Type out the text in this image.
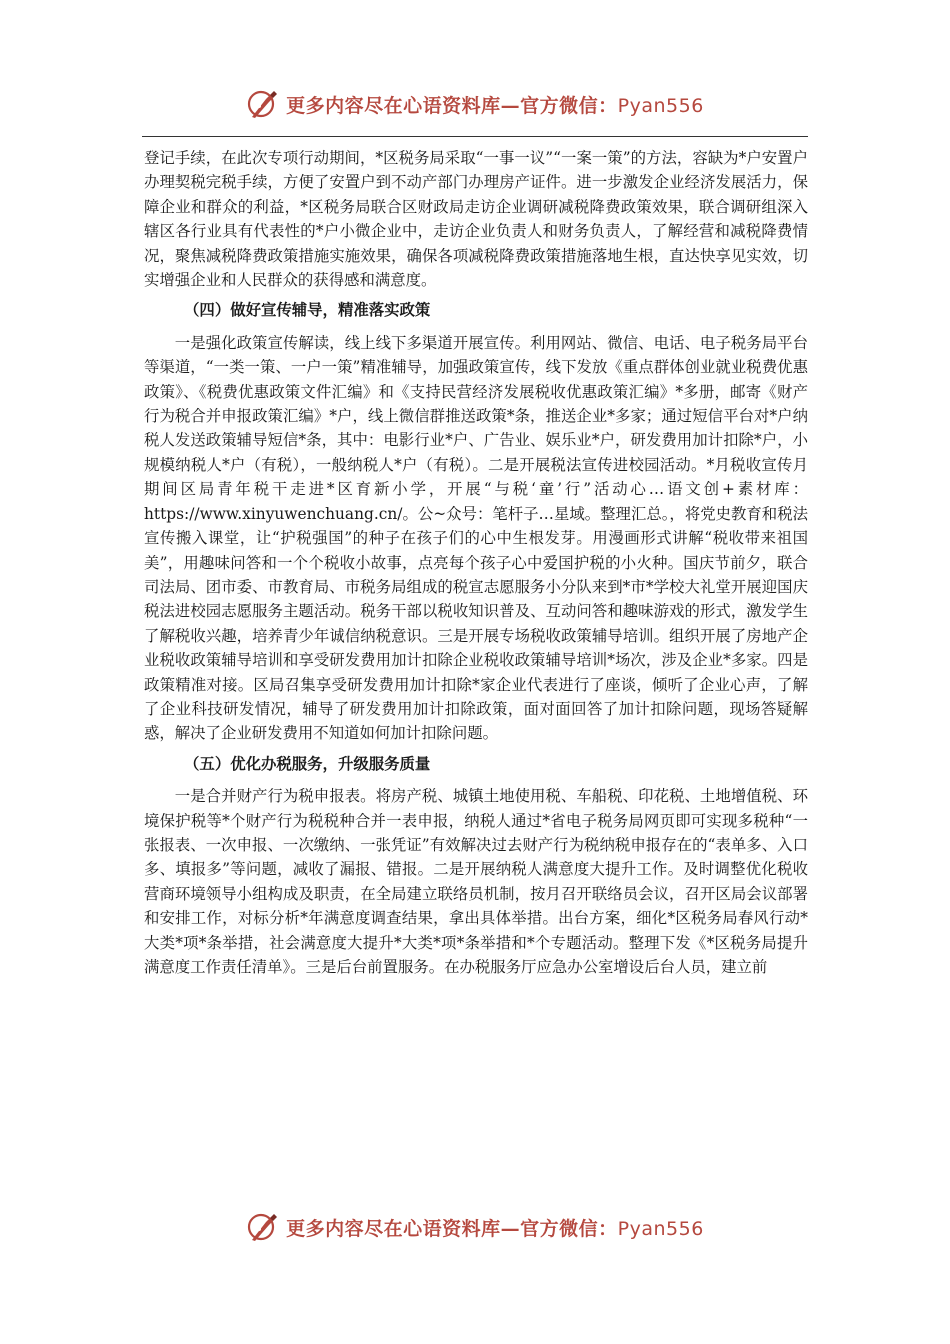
更多内容尽在心语资料库—官方微信：Pyan556

登记手续，在此次专项行动期间，*区税务局采取“一事一议”“一案一策”的方法，容缺为*户安置户办理契税完税手续，方便了安置户到不动产部门办理房产证件。进一步激发企业经济发展活力，保障企业和群众的利益，*区税务局联合区财政局走访企业调研减税降费政策效果，联合调研组深入辖区各行业具有代表性的*户小微企业中，走访企业负责人和财务负责人，了解经营和减税降费情况，聚焦减税降费政策措施实施效果，确保各项减税降费政策措施落地生根，直达快享见实效，切实增强企业和人民群众的获得感和满意度。

（四）做好宣传辅导，精准落实政策

一是强化政策宣传解读，线上线下多渠道开展宣传。利用网站、微信、电话、电子税务局平台等渠道，“一类一策、一户一策”精准辅导，加强政策宣传，线下发放《重点群体创业就业税费优惠政策》、《税费优惠政策文件汇编》和《支持民营经济发展税收优惠政策汇编》*多册，邮寄《财产行为税合并申报政策汇编》*户，线上微信群推送政策*条，推送企业*多家；通过短信平台对*户纳税人发送政策辅导短信*条，其中：电影行业*户、广告业、娱乐业*户，研发费用加计扣除*户，小规模纳税人*户（有税），一般纳税人*户（有税）。二是开展税法宣传进校园活动。*月税收宣传月期间区局青年税干走进*区育新小学，开展“与税‘童’行”活动心…语文创+素材库：https://www.xinyuwenchuang.cn/。公~众号：笔杆子…星域。整理汇总。，将党史教育和税法宣传搬入课堂，让“护税强国”的种子在孩子们的心中生根发芽。用漫画形式讲解“税收带来祖国美”，用趣味问答和一个个税收小故事，点亮每个孩子心中爱国护税的小火种。国庆节前夕，联合司法局、团市委、市教育局、市税务局组成的税宣志愿服务小分队来到*市*学校大礼堂开展迎国庆税法进校园志愿服务主题活动。税务干部以税收知识普及、互动问答和趣味游戏的形式，激发学生了解税收兴趣，培养青少年诚信纳税意识。三是开展专场税收政策辅导培训。组织开展了房地产企业税收政策辅导培训和享受研发费用加计扣除企业税收政策辅导培训*场次，涉及企业*多家。四是政策精准对接。区局召集享受研发费用加计扣除*家企业代表进行了座谈，倾听了企业心声，了解了企业科技研发情况，辅导了研发费用加计扣除政策，面对面回答了加计扣除问题，现场答疑解惑，解决了企业研发费用不知道如何加计扣除问题。

（五）优化办税服务，升级服务质量

一是合并财产行为税申报表。将房产税、城镇土地使用税、车船税、印花税、土地增值税、环境保护税等*个财产行为税税种合并一表申报，纳税人通过*省电子税务局网页即可实现多税种“一张报表、一次申报、一次缴纳、一张凭证”有效解决过去财产行为税纳税申报存在的“表单多、入口多、填报多”等问题，减收了漏报、错报。二是开展纳税人满意度大提升工作。及时调整优化税收营商环境领导小组构成及职责，在全局建立联络员机制，按月召开联络员会议，召开区局会议部署和安排工作，对标分析*年满意度调查结果，拿出具体举措。出台方案，细化*区税务局春风行动*大类*项*条举措，社会满意度大提升*大类*项*条举措和*个专题活动。整理下发《*区税务局提升满意度工作责任清单》。三是后台前置服务。在办税服务厅应急办公室增设后台人员，建立前

更多内容尽在心语资料库—官方微信：Pyan556
